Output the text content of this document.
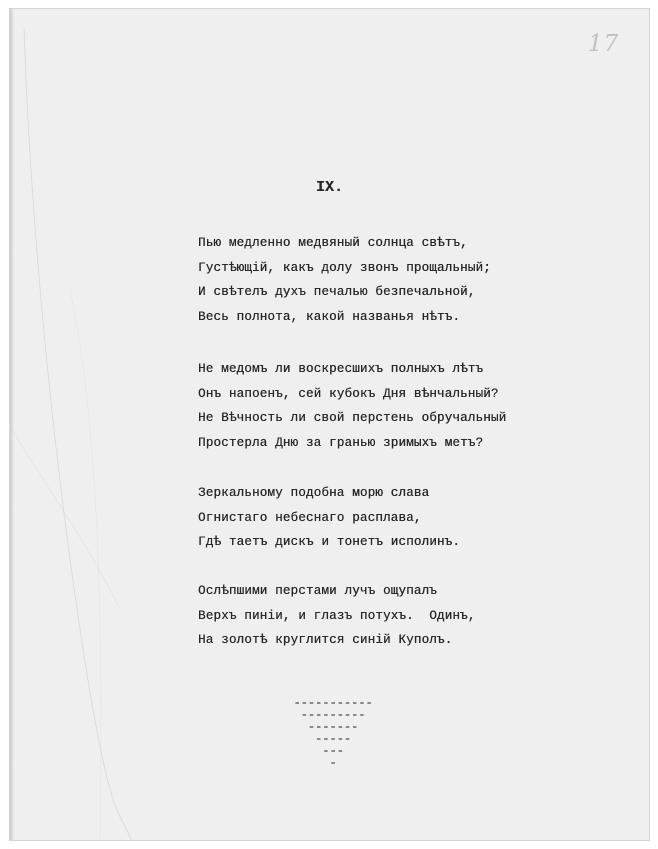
17
IX.
Пью медленно медвяный солнца свѣтъ,
Густѣющій, какъ долу звонъ прощальный;
И свѣтелъ духъ печалью безпечальной,
Весь полнота, какой названья нѣтъ.
Не медомъ ли воскресшихъ полныхъ лѣтъ
Онъ напоенъ, сей кубокъ Дня вѣнчальный?
Не Вѣчность ли свой перстень обручальный
Простерла Дню за гранью зримыхъ метъ?
Зеркальному подобна морю слава
Огнистаго небеснаго расплава,
Гдѣ таетъ дискъ и тонетъ исполинъ.
Ослѣпшими перстами лучъ ощупалъ
Верхъ пиніи, и глазъ потухъ.  Одинъ,
На золотѣ круглится синій Куполъ.
-----------
---------
-------
-----
---
-
